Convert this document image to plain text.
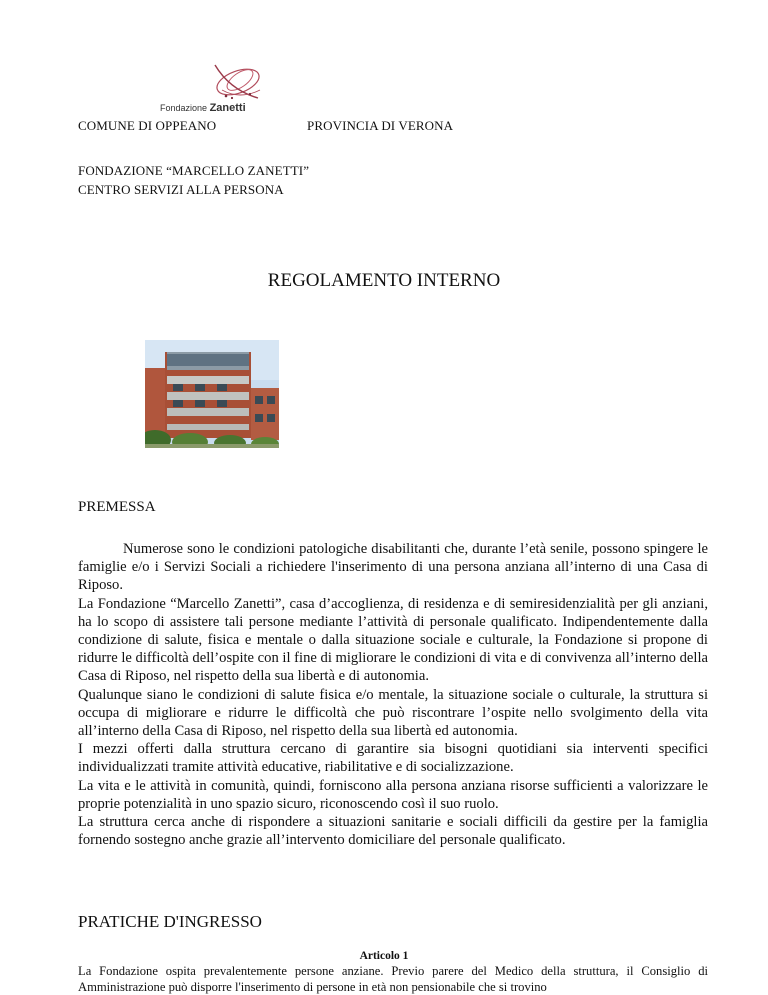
Fondazione Zanetti
COMUNE DI OPPEANO	PROVINCIA DI VERONA
FONDAZIONE “MARCELLO ZANETTI”
CENTRO SERVIZI ALLA PERSONA
REGOLAMENTO INTERNO
PREMESSA

Numerose sono le condizioni patologiche disabilitanti che, durante l’età senile, possono spingere le famiglie e/o i Servizi Sociali a richiedere l'inserimento di una persona anziana all’interno di una Casa di Riposo.

La Fondazione “Marcello Zanetti”, casa d’accoglienza, di residenza e di semiresidenzialità per gli anziani, ha lo scopo di assistere tali persone mediante l’attività di personale qualificato. Indipendentemente dalla condizione di salute, fisica e mentale o dalla situazione sociale e culturale, la Fondazione si propone di ridurre le difficoltà dell’ospite con il fine di migliorare le condizioni di vita e di convivenza all’interno della Casa di Riposo, nel rispetto della sua libertà e di autonomia.

Qualunque siano le condizioni di salute fisica e/o mentale, la situazione sociale o culturale, la struttura si occupa di migliorare e ridurre le difficoltà che può riscontrare l’ospite nello svolgimento della vita all’interno della Casa di Riposo, nel rispetto della sua libertà ed autonomia.

I mezzi offerti dalla struttura cercano di garantire sia bisogni quotidiani sia interventi specifici individualizzati tramite attività educative, riabilitative e di socializzazione.

La vita e le attività in comunità, quindi, forniscono alla persona anziana risorse sufficienti a valorizzare le proprie potenzialità in uno spazio sicuro, riconoscendo così il suo ruolo.

La struttura cerca anche di rispondere a situazioni sanitarie e sociali difficili da gestire per la famiglia fornendo sostegno anche grazie all’intervento domiciliare del personale qualificato.

PRATICHE D'INGRESSO
Articolo 1
La Fondazione ospita prevalentemente persone anziane. Previo parere del Medico della struttura, il Consiglio di Amministrazione può disporre l'inserimento di persone in età non pensionabile che si trovino
